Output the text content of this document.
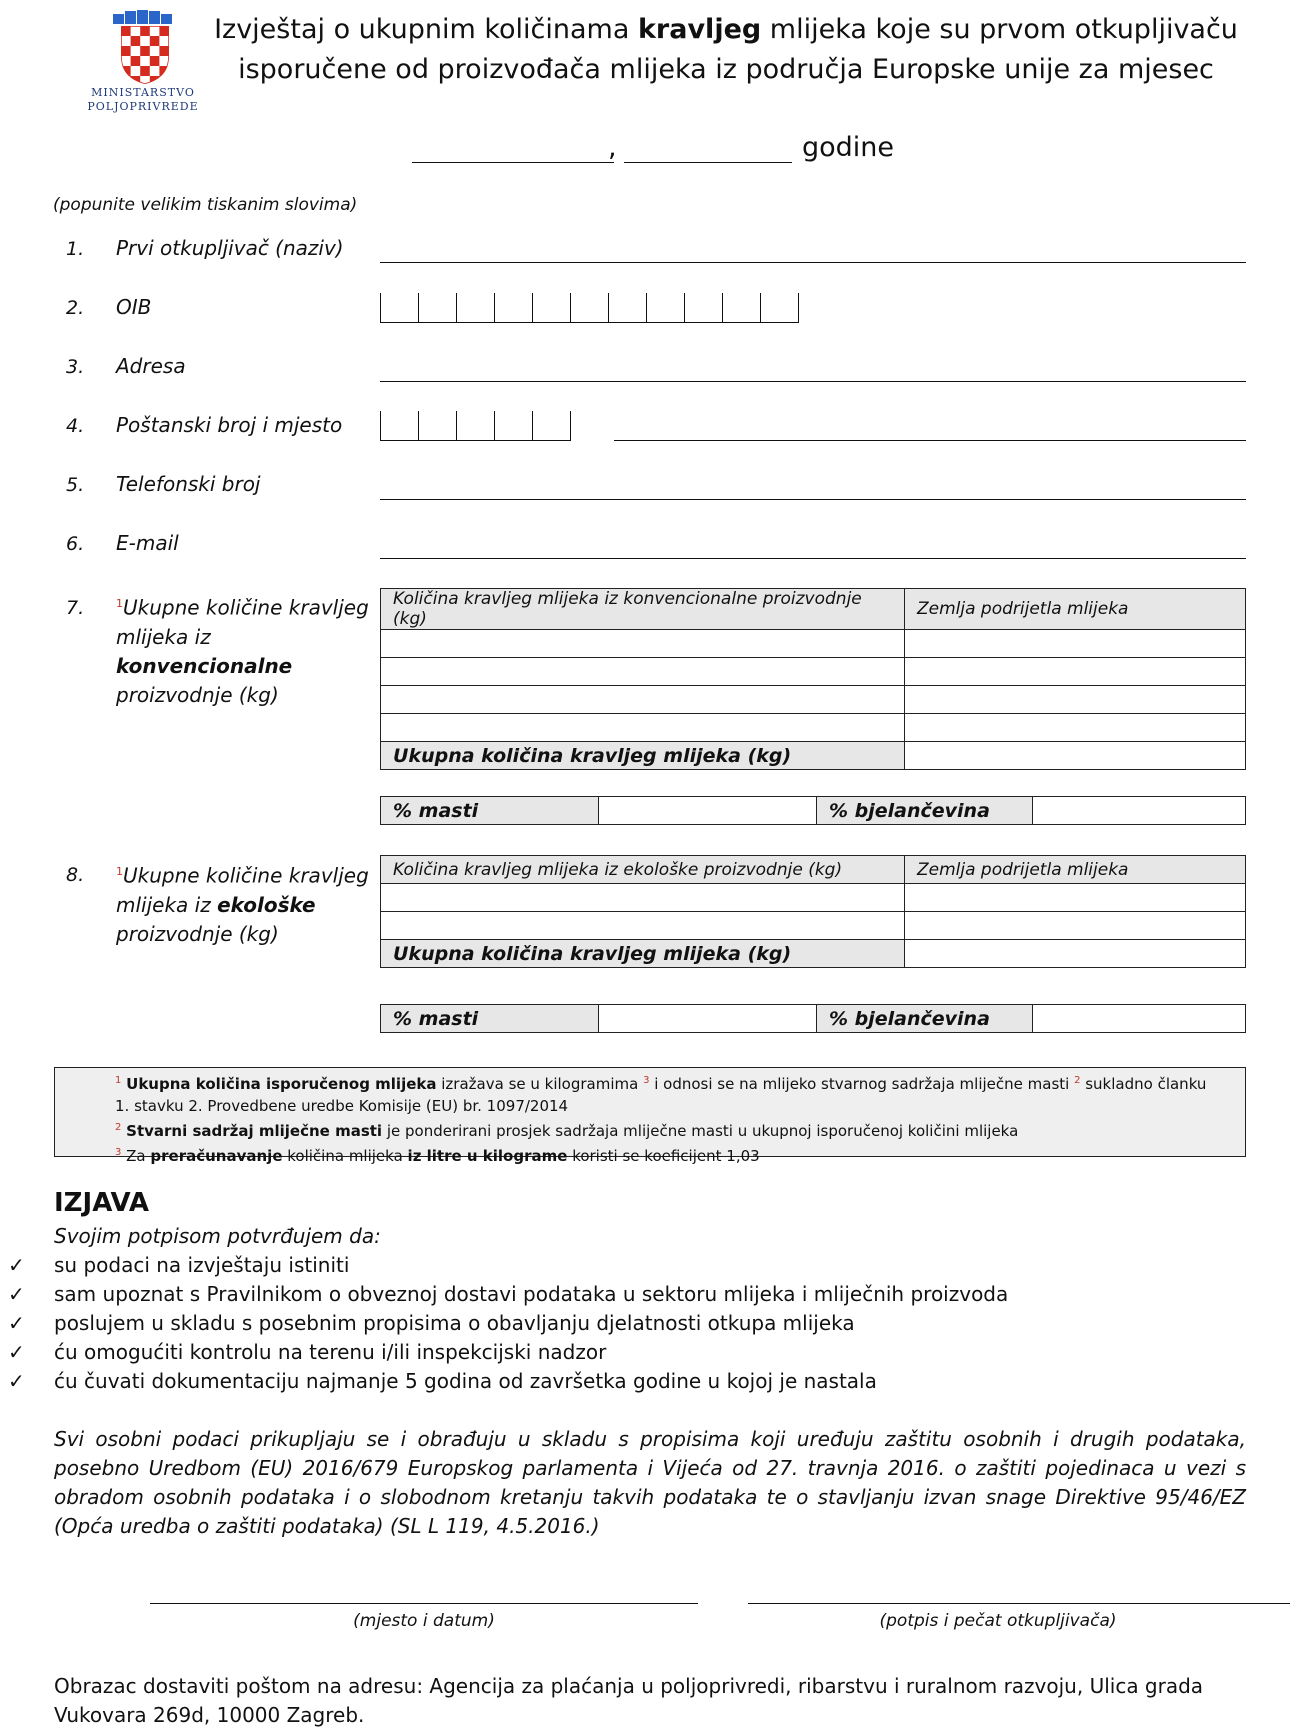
MINISTARSTVO
POLJOPRIVREDE
Izvještaj o ukupnim količinama kravljeg mlijeka koje su prvom otkupljivaču
isporučene od proizvođača mlijeka iz područja Europske unije za mjesec
,	godine
(popunite velikim tiskanim slovima)
1. Prvi otkupljivač (naziv)
2. OIB
3. Adresa
4. Poštanski broj i mjesto
5. Telefonski broj
6. E-mail
7.	$^1$Ukupne količine kravljeg
mlijeka iz konvencionalne
proizvodnje (kg)
Količina kravljeg mlijeka iz konvencionalne proizvodnje (kg)	Zemlja podrijetla mlijeka

Ukupna količina kravljeg mlijeka (kg)	
% masti		% bjelančevina	
8.	$^1$Ukupne količine kravljeg
mlijeka iz ekološke
proizvodnje (kg)
Količina kravljeg mlijeka iz ekološke proizvodnje (kg)	Zemlja podrijetla mlijeka

Ukupna količina kravljeg mlijeka (kg)	
% masti		% bjelančevina	
$^1$ Ukupna količina isporučenog mlijeka izražava se u kilogramima $^3$ i odnosi se na mlijeko stvarnog sadržaja mliječne masti $^2$ sukladno članku
1. stavku 2. Provedbene uredbe Komisije (EU) br. 1097/2014
$^2$ Stvarni sadržaj mliječne masti je ponderirani prosjek sadržaja mliječne masti u ukupnoj isporučenoj količini mlijeka
$^3$ Za preračunavanje količina mlijeka iz litre u kilograme koristi se koeficijent 1,03
IZJAVA
Svojim potpisom potvrđujem da:
✓ su podaci na izvještaju istiniti
✓ sam upoznat s Pravilnikom o obveznoj dostavi podataka u sektoru mlijeka i mliječnih proizvoda
✓ poslujem u skladu s posebnim propisima o obavljanju djelatnosti otkupa mlijeka
✓ ću omogućiti kontrolu na terenu i/ili inspekcijski nadzor
✓ ću čuvati dokumentaciju najmanje 5 godina od završetka godine u kojoj je nastala
Svi osobni podaci prikupljaju se i obrađuju u skladu s propisima koji uređuju zaštitu osobnih i drugih podataka, posebno Uredbom (EU) 2016/679 Europskog parlamenta i Vijeća od 27. travnja 2016. o zaštiti pojedinaca u vezi s obradom osobnih podataka i o slobodnom kretanju takvih podataka te o stavljanju izvan snage Direktive 95/46/EZ (Opća uredba o zaštiti podataka) (SL L 119, 4.5.2016.)
(mjesto i datum)	(potpis i pečat otkupljivača)
Obrazac dostaviti poštom na adresu: Agencija za plaćanja u poljoprivredi, ribarstvu i ruralnom razvoju, Ulica grada Vukovara 269d, 10000 Zagreb.
